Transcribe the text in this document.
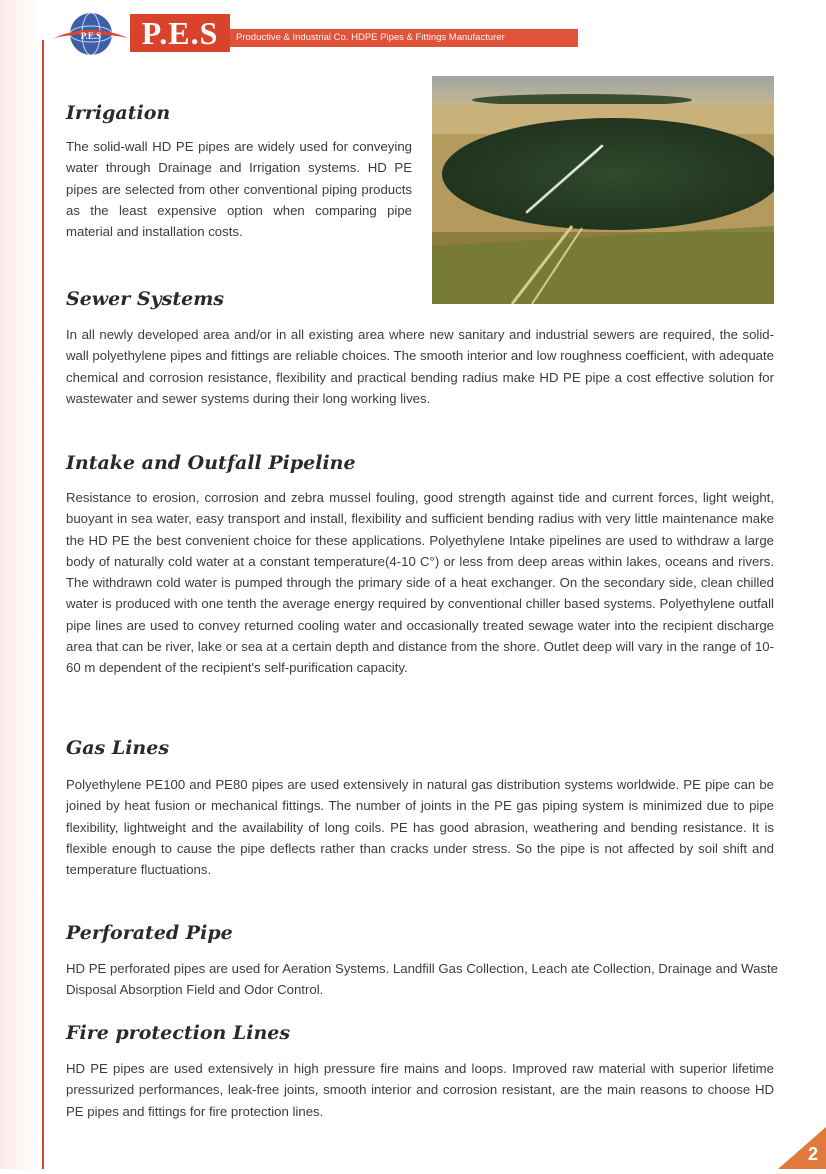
P.E.S	P.E.S	Productive & Industrial Co. HDPE Pipes & Fittings Manufacturer
Irrigation

The solid-wall HD PE pipes are widely used for conveying water through Drainage and Irrigation systems. HD PE pipes are selected from other conventional piping products as the least expensive option when comparing pipe material and installation costs.

Sewer Systems

In all newly developed area and/or in all existing area where new sanitary and industrial sewers are required, the solid-wall polyethylene pipes and fittings are reliable choices. The smooth interior and low roughness coefficient, with adequate chemical and corrosion resistance, flexibility and practical bending radius make HD PE pipe a cost effective solution for wastewater and sewer systems during their long working lives.

Intake and Outfall Pipeline

Resistance to erosion, corrosion and zebra mussel fouling, good strength against tide and current forces, light weight, buoyant in sea water, easy transport and install, flexibility and sufficient bending radius with very little maintenance make the HD PE the best convenient choice for these applications. Polyethylene Intake pipelines are used to withdraw a large body of naturally cold water at a constant temperature(4-10 C°) or less from deep areas within lakes, oceans and rivers. The withdrawn cold water is pumped through the primary side of a heat exchanger. On the secondary side, clean chilled water is produced with one tenth the average energy required by conventional chiller based systems. Polyethylene outfall pipe lines are used to convey returned cooling water and occasionally treated sewage water into the recipient discharge area that can be river, lake or sea at a certain depth and distance from the shore. Outlet deep will vary in the range of 10-60 m dependent of the recipient's self-purification capacity.

Gas Lines

Polyethylene PE100 and PE80 pipes are used extensively in natural gas distribution systems worldwide. PE pipe can be joined by heat fusion or mechanical fittings. The number of joints in the PE gas piping system is minimized due to pipe flexibility, lightweight and the availability of long coils. PE has good abrasion, weathering and bending resistance. It is flexible enough to cause the pipe deflects rather than cracks under stress. So the pipe is not affected by soil shift and temperature fluctuations.

Perforated Pipe

HD PE perforated pipes are used for Aeration Systems. Landfill Gas Collection, Leach ate Collection, Drainage and Waste Disposal Absorption Field and Odor Control.

Fire protection Lines

HD PE pipes are used extensively in high pressure fire mains and loops. Improved raw material with superior lifetime pressurized performances, leak-free joints, smooth interior and corrosion resistant, are the main reasons to choose HD PE pipes and fittings for fire protection lines.

2
